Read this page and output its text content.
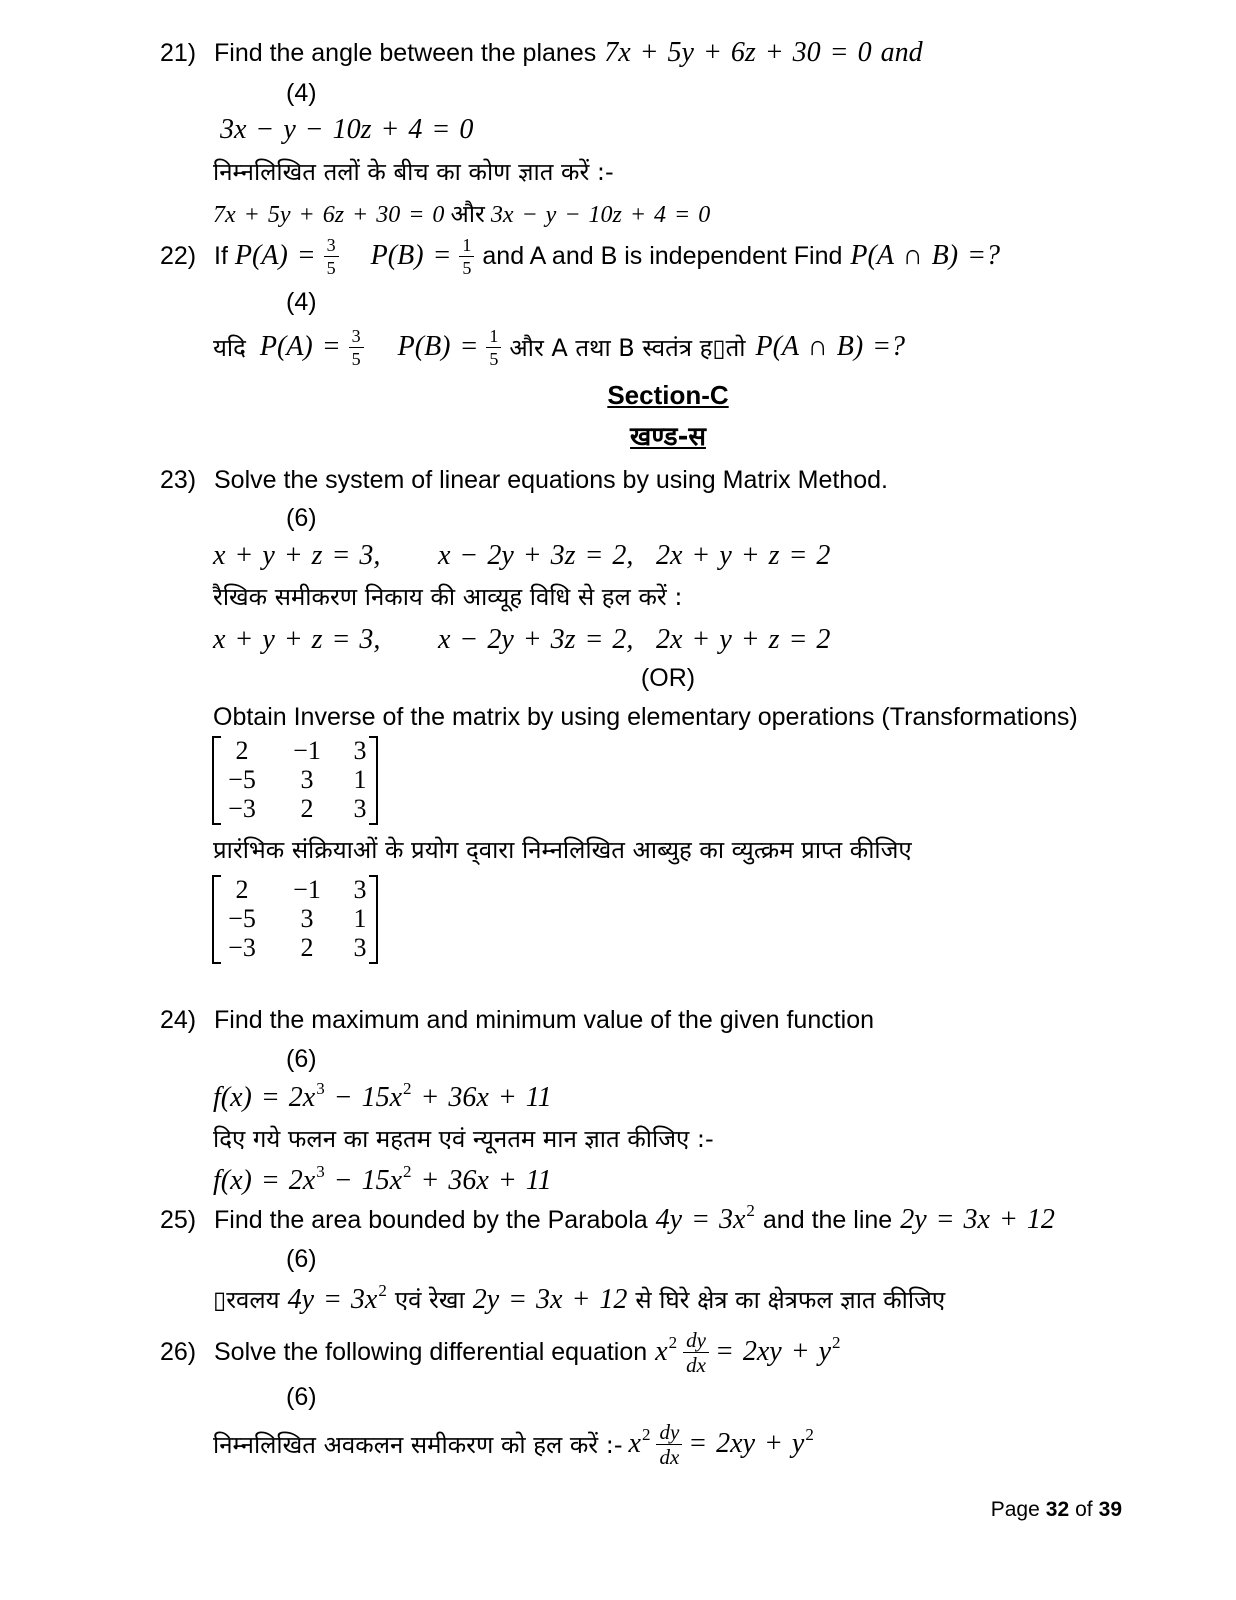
21) Find the angle between the planes 7x + 5y + 6z + 30 = 0 and
(4)
3x − y − 10z + 4 = 0
निम्नलिखित तलों के बीच का कोण ज्ञात करें :-
7x + 5y + 6z + 30 = 0 और 3x − y − 10z + 4 = 0
22) If $P(A) = \frac{3}{5} P(B) = \frac{1}{5}$ and A and B is independent Find P(A ∩ B) =?
(4)
यदि $P(A) = \frac{3}{5} P(B) = \frac{1}{5}$ और A तथा B स्वतंत्र ह▯तो P(A ∩ B) =?
Section-C
खण्ड-स
23) Solve the system of linear equations by using Matrix Method.
(6)
x + y + z = 3, x − 2y + 3z = 2, 2x + y + z = 2
रैखिक समीकरण निकाय की आव्यूह विधि से हल करें :
x + y + z = 3, x − 2y + 3z = 2, 2x + y + z = 2
(OR)
Obtain Inverse of the matrix by using elementary operations (Transformations)
2 −1 3
−5 3 1
−3 2 3
प्रारंभिक संक्रियाओं के प्रयोग द्‌वारा निम्नलिखित आब्युह का व्युत्क्रम प्राप्त कीजिए
2 −1 3
−5 3 1
−3 2 3
24) Find the maximum and minimum value of the given function
(6)
f(x) = 2x 3 − 15x 2 + 36x + 11
दिए गये फलन का महतम एवं न्यूनतम मान ज्ञात कीजिए :-
f(x) = 2x 3 − 15x 2 + 36x + 11
25) Find the area bounded by the Parabola 4y = 3x 2 and the line 2y = 3x + 12
(6)
▯रवलय 4y = 3x 2 एवं रेखा 2y = 3x + 12 से घिरे क्षेत्र का क्षेत्रफल ज्ञात कीजिए
26) Solve the following differential equation x $2 \frac{dy}{dx} = 2xy + y$ 2
(6)
निम्नलिखित अवकलन समीकरण को हल करें :- x $2 \frac{dy}{dx} = 2xy + y$ 2
Page 32 of 39
